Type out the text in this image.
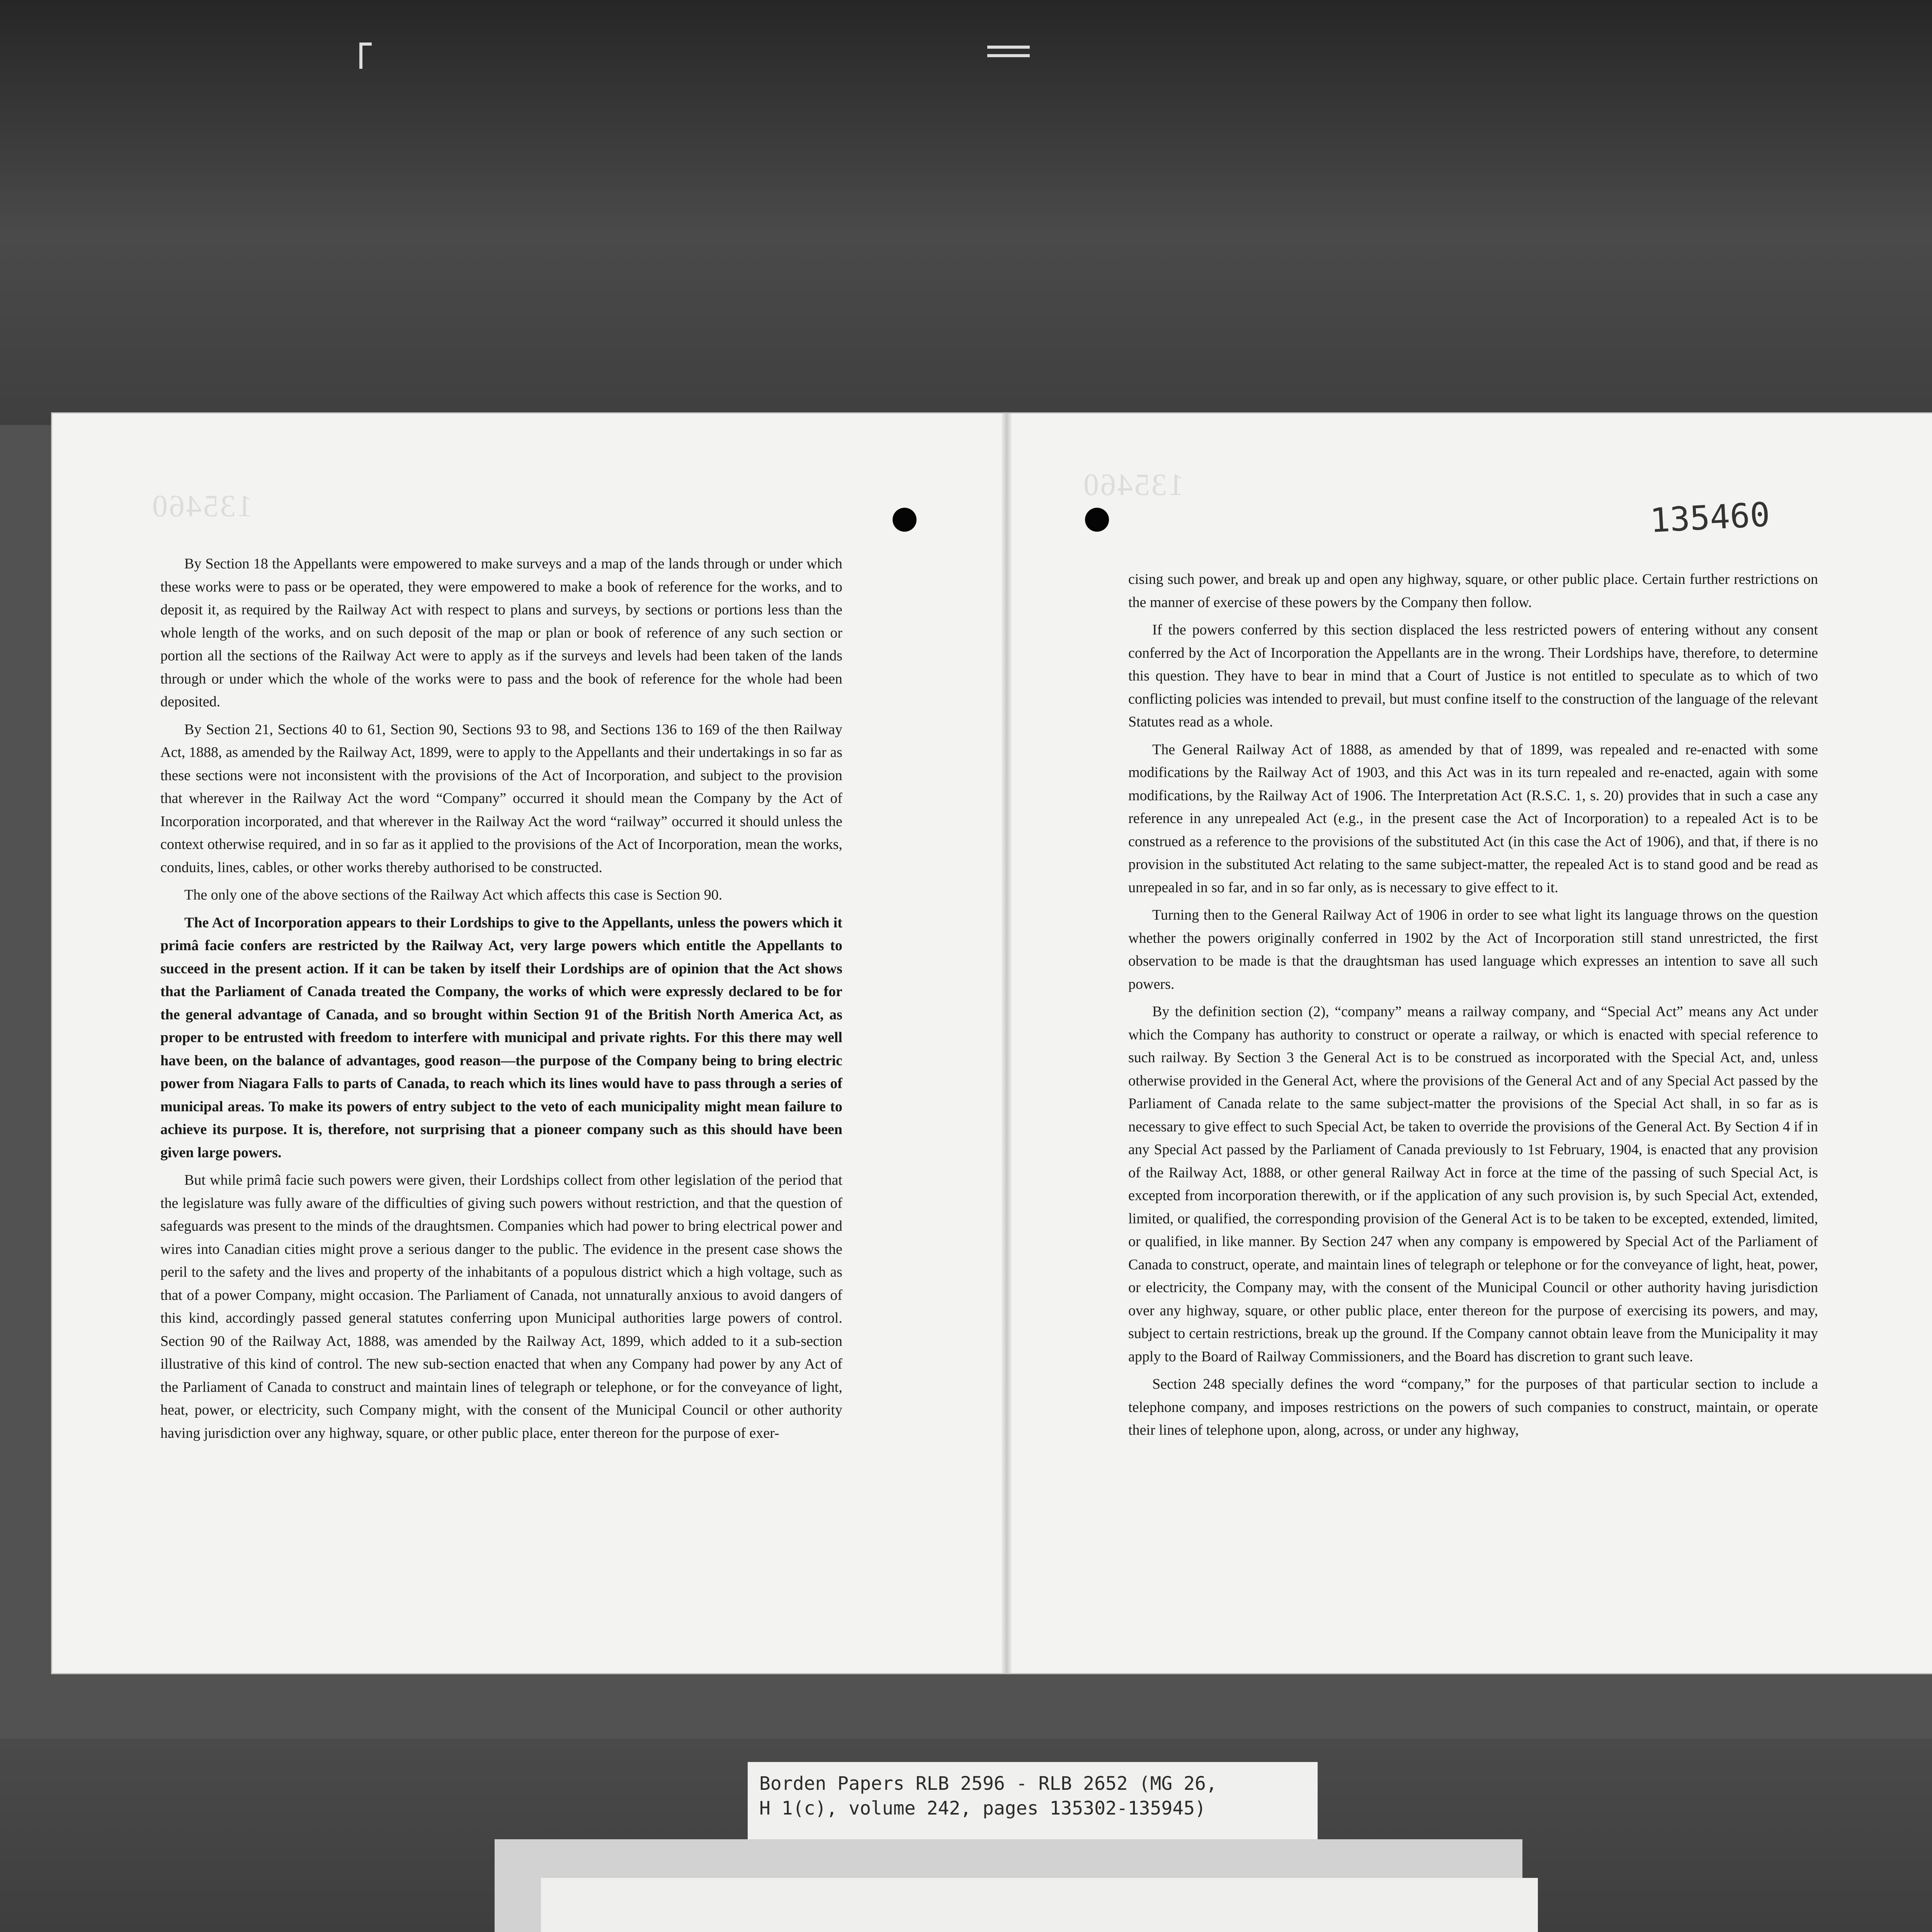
135460
135460
135460

By Section 18 the Appellants were empowered to make surveys and a map of the lands through or under which these works were to pass or be operated, they were empowered to make a book of reference for the works, and to deposit it, as required by the Railway Act with respect to plans and surveys, by sections or portions less than the whole length of the works, and on such deposit of the map or plan or book of reference of any such section or portion all the sections of the Railway Act were to apply as if the surveys and levels had been taken of the lands through or under which the whole of the works were to pass and the book of reference for the whole had been deposited.

By Section 21, Sections 40 to 61, Section 90, Sections 93 to 98, and Sections 136 to 169 of the then Railway Act, 1888, as amended by the Railway Act, 1899, were to apply to the Appellants and their undertakings in so far as these sections were not inconsistent with the provisions of the Act of Incorporation, and subject to the provision that wherever in the Railway Act the word “Company” occurred it should mean the Company by the Act of Incorporation incorporated, and that wherever in the Railway Act the word “railway” occurred it should unless the context otherwise required, and in so far as it applied to the provisions of the Act of Incorporation, mean the works, conduits, lines, cables, or other works thereby authorised to be constructed.

The only one of the above sections of the Railway Act which affects this case is Section 90.

The Act of Incorporation appears to their Lordships to give to the Appellants, unless the powers which it primâ facie confers are restricted by the Railway Act, very large powers which entitle the Appellants to succeed in the present action. If it can be taken by itself their Lordships are of opinion that the Act shows that the Parliament of Canada treated the Company, the works of which were expressly declared to be for the general advantage of Canada, and so brought within Section 91 of the British North America Act, as proper to be entrusted with freedom to interfere with municipal and private rights. For this there may well have been, on the balance of advantages, good reason—the purpose of the Company being to bring electric power from Niagara Falls to parts of Canada, to reach which its lines would have to pass through a series of municipal areas. To make its powers of entry subject to the veto of each municipality might mean failure to achieve its purpose. It is, therefore, not surprising that a pioneer company such as this should have been given large powers.

But while primâ facie such powers were given, their Lordships collect from other legislation of the period that the legislature was fully aware of the difficulties of giving such powers without restriction, and that the question of safeguards was present to the minds of the draughtsmen. Companies which had power to bring electrical power and wires into Canadian cities might prove a serious danger to the public. The evidence in the present case shows the peril to the safety and the lives and property of the inhabitants of a populous district which a high voltage, such as that of a power Company, might occasion. The Parliament of Canada, not unnaturally anxious to avoid dangers of this kind, accordingly passed general statutes conferring upon Municipal authorities large powers of control. Section 90 of the Railway Act, 1888, was amended by the Railway Act, 1899, which added to it a sub-section illustrative of this kind of control. The new sub-section enacted that when any Company had power by any Act of the Parliament of Canada to construct and maintain lines of telegraph or telephone, or for the conveyance of light, heat, power, or electricity, such Company might, with the consent of the Municipal Council or other authority having jurisdiction over any highway, square, or other public place, enter thereon for the purpose of exer-

cising such power, and break up and open any highway, square, or other public place. Certain further restrictions on the manner of exercise of these powers by the Company then follow.

If the powers conferred by this section displaced the less restricted powers of entering without any consent conferred by the Act of Incorporation the Appellants are in the wrong. Their Lordships have, therefore, to determine this question. They have to bear in mind that a Court of Justice is not entitled to speculate as to which of two conflicting policies was intended to prevail, but must confine itself to the construction of the language of the relevant Statutes read as a whole.

The General Railway Act of 1888, as amended by that of 1899, was repealed and re-enacted with some modifications by the Railway Act of 1903, and this Act was in its turn repealed and re-enacted, again with some modifications, by the Railway Act of 1906. The Interpretation Act (R.S.C. 1, s. 20) provides that in such a case any reference in any unrepealed Act (e.g., in the present case the Act of Incorporation) to a repealed Act is to be construed as a reference to the provisions of the substituted Act (in this case the Act of 1906), and that, if there is no provision in the substituted Act relating to the same subject-matter, the repealed Act is to stand good and be read as unrepealed in so far, and in so far only, as is necessary to give effect to it.

Turning then to the General Railway Act of 1906 in order to see what light its language throws on the question whether the powers originally conferred in 1902 by the Act of Incorporation still stand unrestricted, the first observation to be made is that the draughtsman has used language which expresses an intention to save all such powers.

By the definition section (2), “company” means a railway company, and “Special Act” means any Act under which the Company has authority to construct or operate a railway, or which is enacted with special reference to such railway. By Section 3 the General Act is to be construed as incorporated with the Special Act, and, unless otherwise provided in the General Act, where the provisions of the General Act and of any Special Act passed by the Parliament of Canada relate to the same subject-matter the provisions of the Special Act shall, in so far as is necessary to give effect to such Special Act, be taken to override the provisions of the General Act. By Section 4 if in any Special Act passed by the Parliament of Canada previously to 1st February, 1904, is enacted that any provision of the Railway Act, 1888, or other general Railway Act in force at the time of the passing of such Special Act, is excepted from incorporation therewith, or if the application of any such provision is, by such Special Act, extended, limited, or qualified, the corresponding provision of the General Act is to be taken to be excepted, extended, limited, or qualified, in like manner. By Section 247 when any company is empowered by Special Act of the Parliament of Canada to construct, operate, and maintain lines of telegraph or telephone or for the conveyance of light, heat, power, or electricity, the Company may, with the consent of the Municipal Council or other authority having jurisdiction over any highway, square, or other public place, enter thereon for the purpose of exercising its powers, and may, subject to certain restrictions, break up the ground. If the Company cannot obtain leave from the Municipality it may apply to the Board of Railway Commissioners, and the Board has discretion to grant such leave.

Section 248 specially defines the word “company,” for the purposes of that particular section to include a telephone company, and imposes restrictions on the powers of such companies to construct, maintain, or operate their lines of telephone upon, along, across, or under any highway,

Borden Papers RLB 2596 - RLB 2652 (MG 26,
H 1(c), volume 242, pages 135302-135945)
